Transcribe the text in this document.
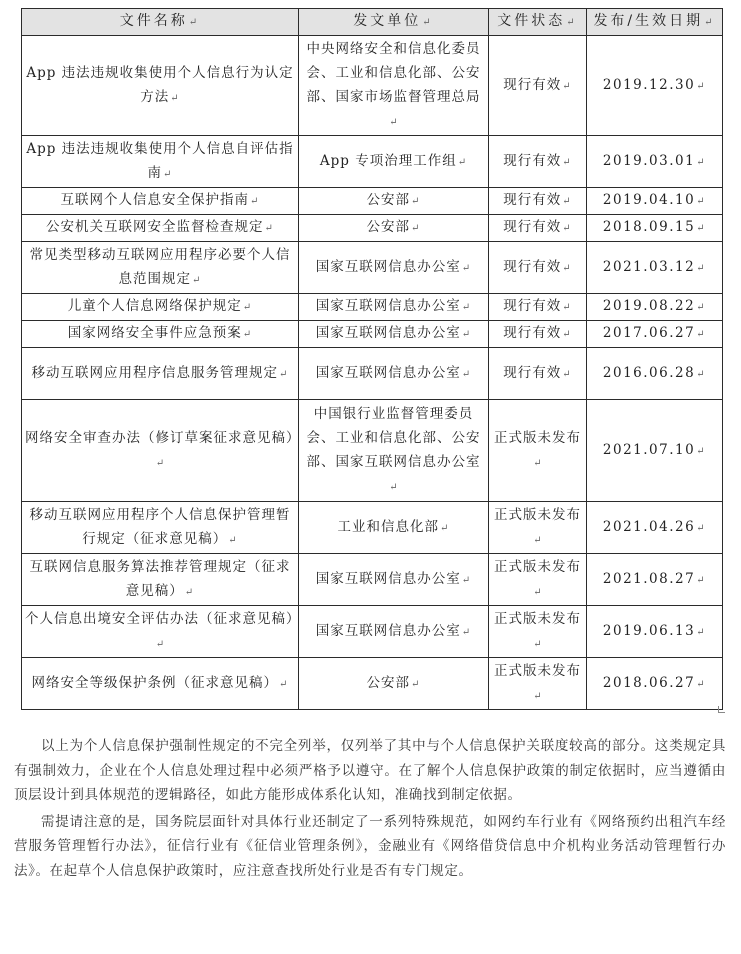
文件名称↵	发文单位↵	文件状态↵	发布/生效日期↵
App 违法违规收集使用个人信息行为认定方法↵	中央网络安全和信息化委员会、工业和信息化部、公安部、国家市场监督管理总局↵	现行有效↵	2019.12.30↵
App 违法违规收集使用个人信息自评估指南↵	App 专项治理工作组↵	现行有效↵	2019.03.01↵
互联网个人信息安全保护指南↵	公安部↵	现行有效↵	2019.04.10↵
公安机关互联网安全监督检查规定↵	公安部↵	现行有效↵	2018.09.15↵
常见类型移动互联网应用程序必要个人信息范围规定↵	国家互联网信息办公室↵	现行有效↵	2021.03.12↵
儿童个人信息网络保护规定↵	国家互联网信息办公室↵	现行有效↵	2019.08.22↵
国家网络安全事件应急预案↵	国家互联网信息办公室↵	现行有效↵	2017.06.27↵
移动互联网应用程序信息服务管理规定↵	国家互联网信息办公室↵	现行有效↵	2016.06.28↵
网络安全审查办法（修订草案征求意见稿）↵	中国银行业监督管理委员会、工业和信息化部、公安部、国家互联网信息办公室↵	正式版未发布↵	2021.07.10↵
移动互联网应用程序个人信息保护管理暂行规定（征求意见稿）↵	工业和信息化部↵	正式版未发布↵	2021.04.26↵
互联网信息服务算法推荐管理规定（征求意见稿）↵	国家互联网信息办公室↵	正式版未发布↵	2021.08.27↵
个人信息出境安全评估办法（征求意见稿）↵	国家互联网信息办公室↵	正式版未发布↵	2019.06.13↵
网络安全等级保护条例（征求意见稿）↵	公安部↵	正式版未发布↵	2018.06.27↵

以上为个人信息保护强制性规定的不完全列举，仅列举了其中与个人信息保护关联度较高的部分。这类规定具有强制效力，企业在个人信息处理过程中必须严格予以遵守。在了解个人信息保护政策的制定依据时，应当遵循由顶层设计到具体规范的逻辑路径，如此方能形成体系化认知，准确找到制定依据。

需提请注意的是，国务院层面针对具体行业还制定了一系列特殊规范，如网约车行业有《网络预约出租汽车经营服务管理暂行办法》，征信行业有《征信业管理条例》，金融业有《网络借贷信息中介机构业务活动管理暂行办法》。在起草个人信息保护政策时，应注意查找所处行业是否有专门规定。
